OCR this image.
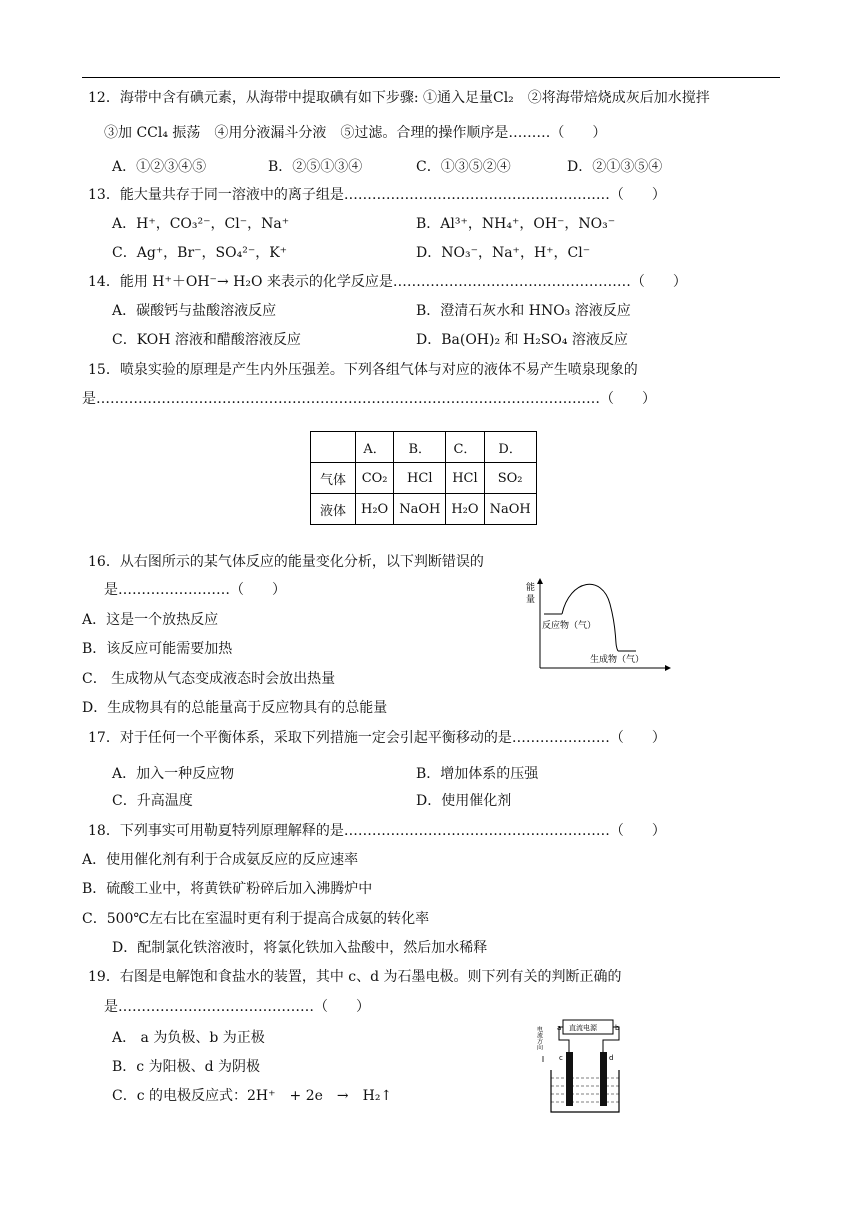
12．海带中含有碘元素，从海带中提取碘有如下步骤: ①通入足量Cl₂　②将海带焙烧成灰后加水搅拌
③加 CCl₄ 振荡　④用分液漏斗分液　⑤过滤。合理的操作顺序是………（　　）
A．①②③④⑤	B．②⑤①③④	C．①③⑤②④	D．②①③⑤④
13．能大量共存于同一溶液中的离子组是…………………………………………………（　　）
A．H⁺，CO₃²⁻，Cl⁻，Na⁺	B．Al³⁺，NH₄⁺，OH⁻，NO₃⁻
C．Ag⁺，Br⁻，SO₄²⁻，K⁺	D．NO₃⁻，Na⁺，H⁺，Cl⁻
14．能用 H⁺＋OH⁻→ H₂O 来表示的化学反应是……………………………………………（　　）
A．碳酸钙与盐酸溶液反应	B．澄清石灰水和 HNO₃ 溶液反应
C．KOH 溶液和醋酸溶液反应	D．Ba(OH)₂ 和 H₂SO₄ 溶液反应
15．喷泉实验的原理是产生内外压强差。下列各组气体与对应的液体不易产生喷泉现象的
是………………………………………………………………………………………………（　　）
	A．	B．	C．	D．
气体	CO₂	HCl	HCl	SO₂
液体	H₂O	NaOH	H₂O	NaOH
16．从右图所示的某气体反应的能量变化分析，以下判断错误的
是……………………（　　）
A．这是一个放热反应
B．该反应可能需要加热
C． 生成物从气态变成液态时会放出热量
D．生成物具有的总能量高于反应物具有的总能量
能
量
反应物（气）
生成物（气）
17．对于任何一个平衡体系，采取下列措施一定会引起平衡移动的是…………………（　　）
A．加入一种反应物	B．增加体系的压强
C．升高温度	D．使用催化剂
18．下列事实可用勒夏特列原理解释的是…………………………………………………（　　）
A．使用催化剂有利于合成氨反应的反应速率
B．硫酸工业中，将黄铁矿粉碎后加入沸腾炉中
C．500℃左右比在室温时更有利于提高合成氨的转化率
D．配制氯化铁溶液时，将氯化铁加入盐酸中，然后加水稀释
19．右图是电解饱和食盐水的装置，其中 c、d 为石墨电极。则下列有关的判断正确的
是……………………………………（　　）
A． a 为负极、b 为正极
B．c 为阳极、d 为阴极
C．c 的电极反应式：2H⁺　+ 2e　→　H₂↑
直流电源
a	b
电流方向
c	d
